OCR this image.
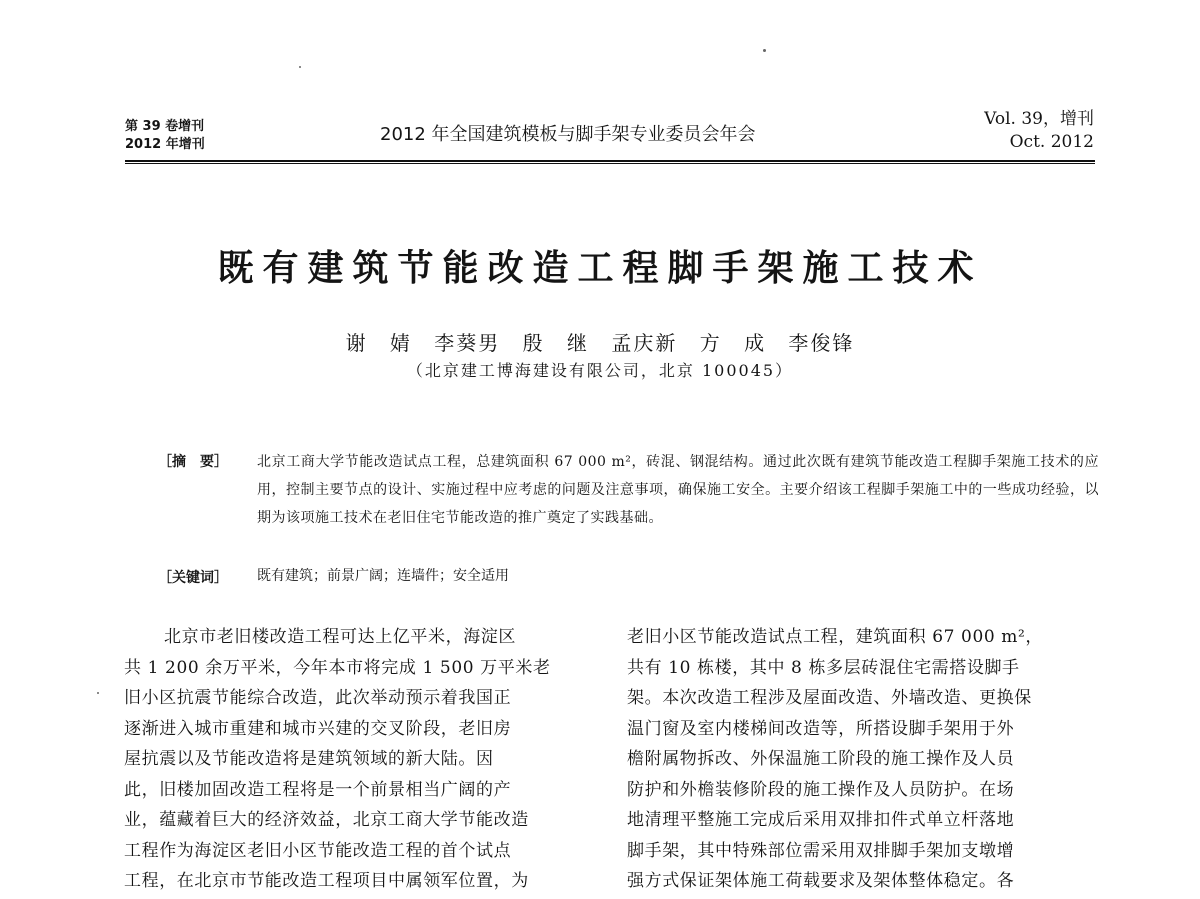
第 39 卷增刊
2012 年增刊	2012 年全国建筑模板与脚手架专业委员会年会
Vol. 39，增刊
Oct. 2012
既有建筑节能改造工程脚手架施工技术
谢 婧 李葵男 殷 继 孟庆新 方 成 李俊锋
（北京建工博海建设有限公司，北京 100045）
［摘　要］ 北京工商大学节能改造试点工程，总建筑面积 67 000 m²，砖混、钢混结构。通过此次既有建筑节能改造工程脚手架施工技术的应用，控制主要节点的设计、实施过程中应考虑的问题及注意事项，确保施工安全。主要介绍该工程脚手架施工中的一些成功经验，以期为该项施工技术在老旧住宅节能改造的推广奠定了实践基础。
［关键词］ 既有建筑；前景广阔；连墙件；安全适用
北京市老旧楼改造工程可达上亿平米，海淀区
共 1 200 余万平米，今年本市将完成 1 500 万平米老
旧小区抗震节能综合改造，此次举动预示着我国正
逐渐进入城市重建和城市兴建的交叉阶段，老旧房
屋抗震以及节能改造将是建筑领域的新大陆。因
此，旧楼加固改造工程将是一个前景相当广阔的产
业，蕴藏着巨大的经济效益，北京工商大学节能改造
工程作为海淀区老旧小区节能改造工程的首个试点
工程，在北京市节能改造工程项目中属领军位置，为
老旧小区节能改造试点工程，建筑面积 67 000 m²，
共有 10 栋楼，其中 8 栋多层砖混住宅需搭设脚手
架。本次改造工程涉及屋面改造、外墙改造、更换保
温门窗及室内楼梯间改造等，所搭设脚手架用于外
檐附属物拆改、外保温施工阶段的施工操作及人员
防护和外檐装修阶段的施工操作及人员防护。在场
地清理平整施工完成后采用双排扣件式单立杆落地
脚手架，其中特殊部位需采用双排脚手架加支墩增
强方式保证架体施工荷载要求及架体整体稳定。各
